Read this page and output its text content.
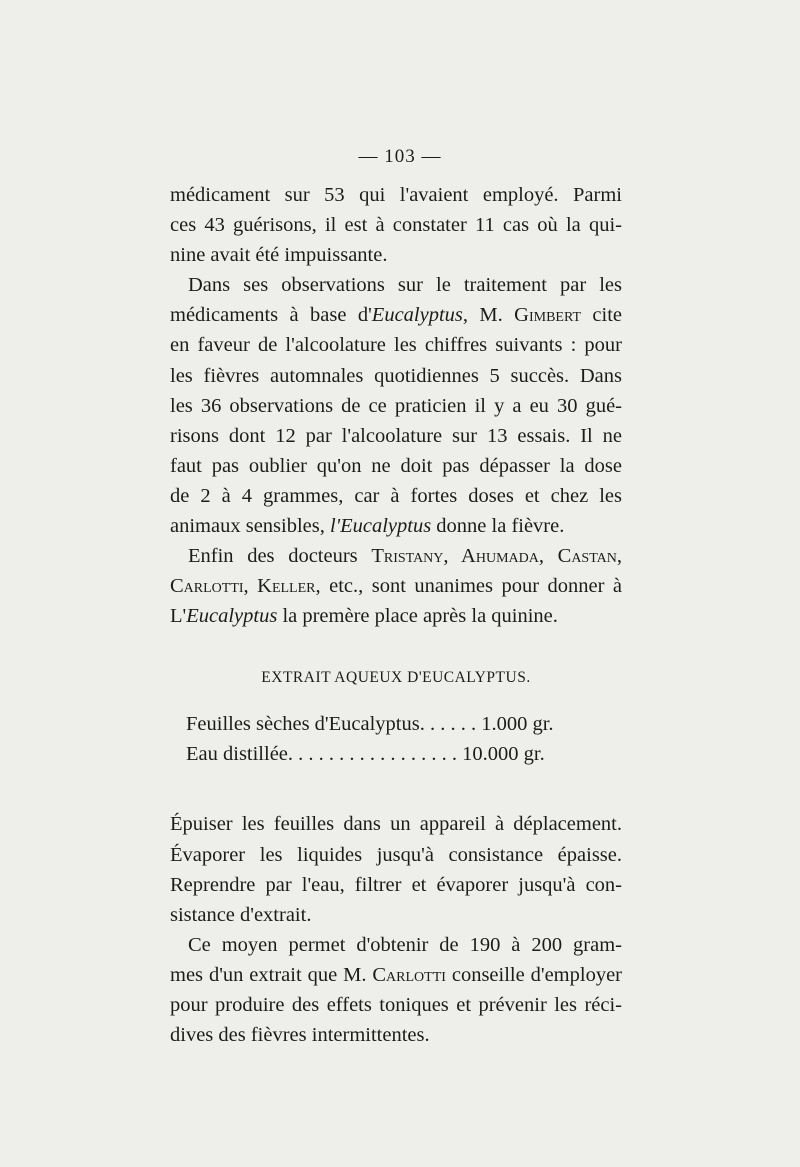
— 103 —
médicament sur 53 qui l'avaient employé. Parmi
ces 43 guérisons, il est à constater 11 cas où la qui-
nine avait été impuissante.
Dans ses observations sur le traitement par les
médicaments à base d'Eucalyptus, M. Gimbert cite
en faveur de l'alcoolature les chiffres suivants : pour
les fièvres automnales quotidiennes 5 succès. Dans
les 36 observations de ce praticien il y a eu 30 gué-
risons dont 12 par l'alcoolature sur 13 essais. Il ne
faut pas oublier qu'on ne doit pas dépasser la dose
de 2 à 4 grammes, car à fortes doses et chez les
animaux sensibles, l'Eucalyptus donne la fièvre.
Enfin des docteurs Tristany, Ahumada, Castan,
Carlotti, Keller, etc., sont unanimes pour donner à
L'Eucalyptus la premère place après la quinine.
EXTRAIT AQUEUX D'EUCALYPTUS.
Feuilles sèches d'Eucalyptus. . . . . . 1.000 gr.
Eau distillée. . . . . . . . . . . . . . . . . 10.000 gr.
Épuiser les feuilles dans un appareil à déplacement.
Évaporer les liquides jusqu'à consistance épaisse.
Reprendre par l'eau, filtrer et évaporer jusqu'à con-
sistance d'extrait.
Ce moyen permet d'obtenir de 190 à 200 gram-
mes d'un extrait que M. Carlotti conseille d'employer
pour produire des effets toniques et prévenir les réci-
dives des fièvres intermittentes.
